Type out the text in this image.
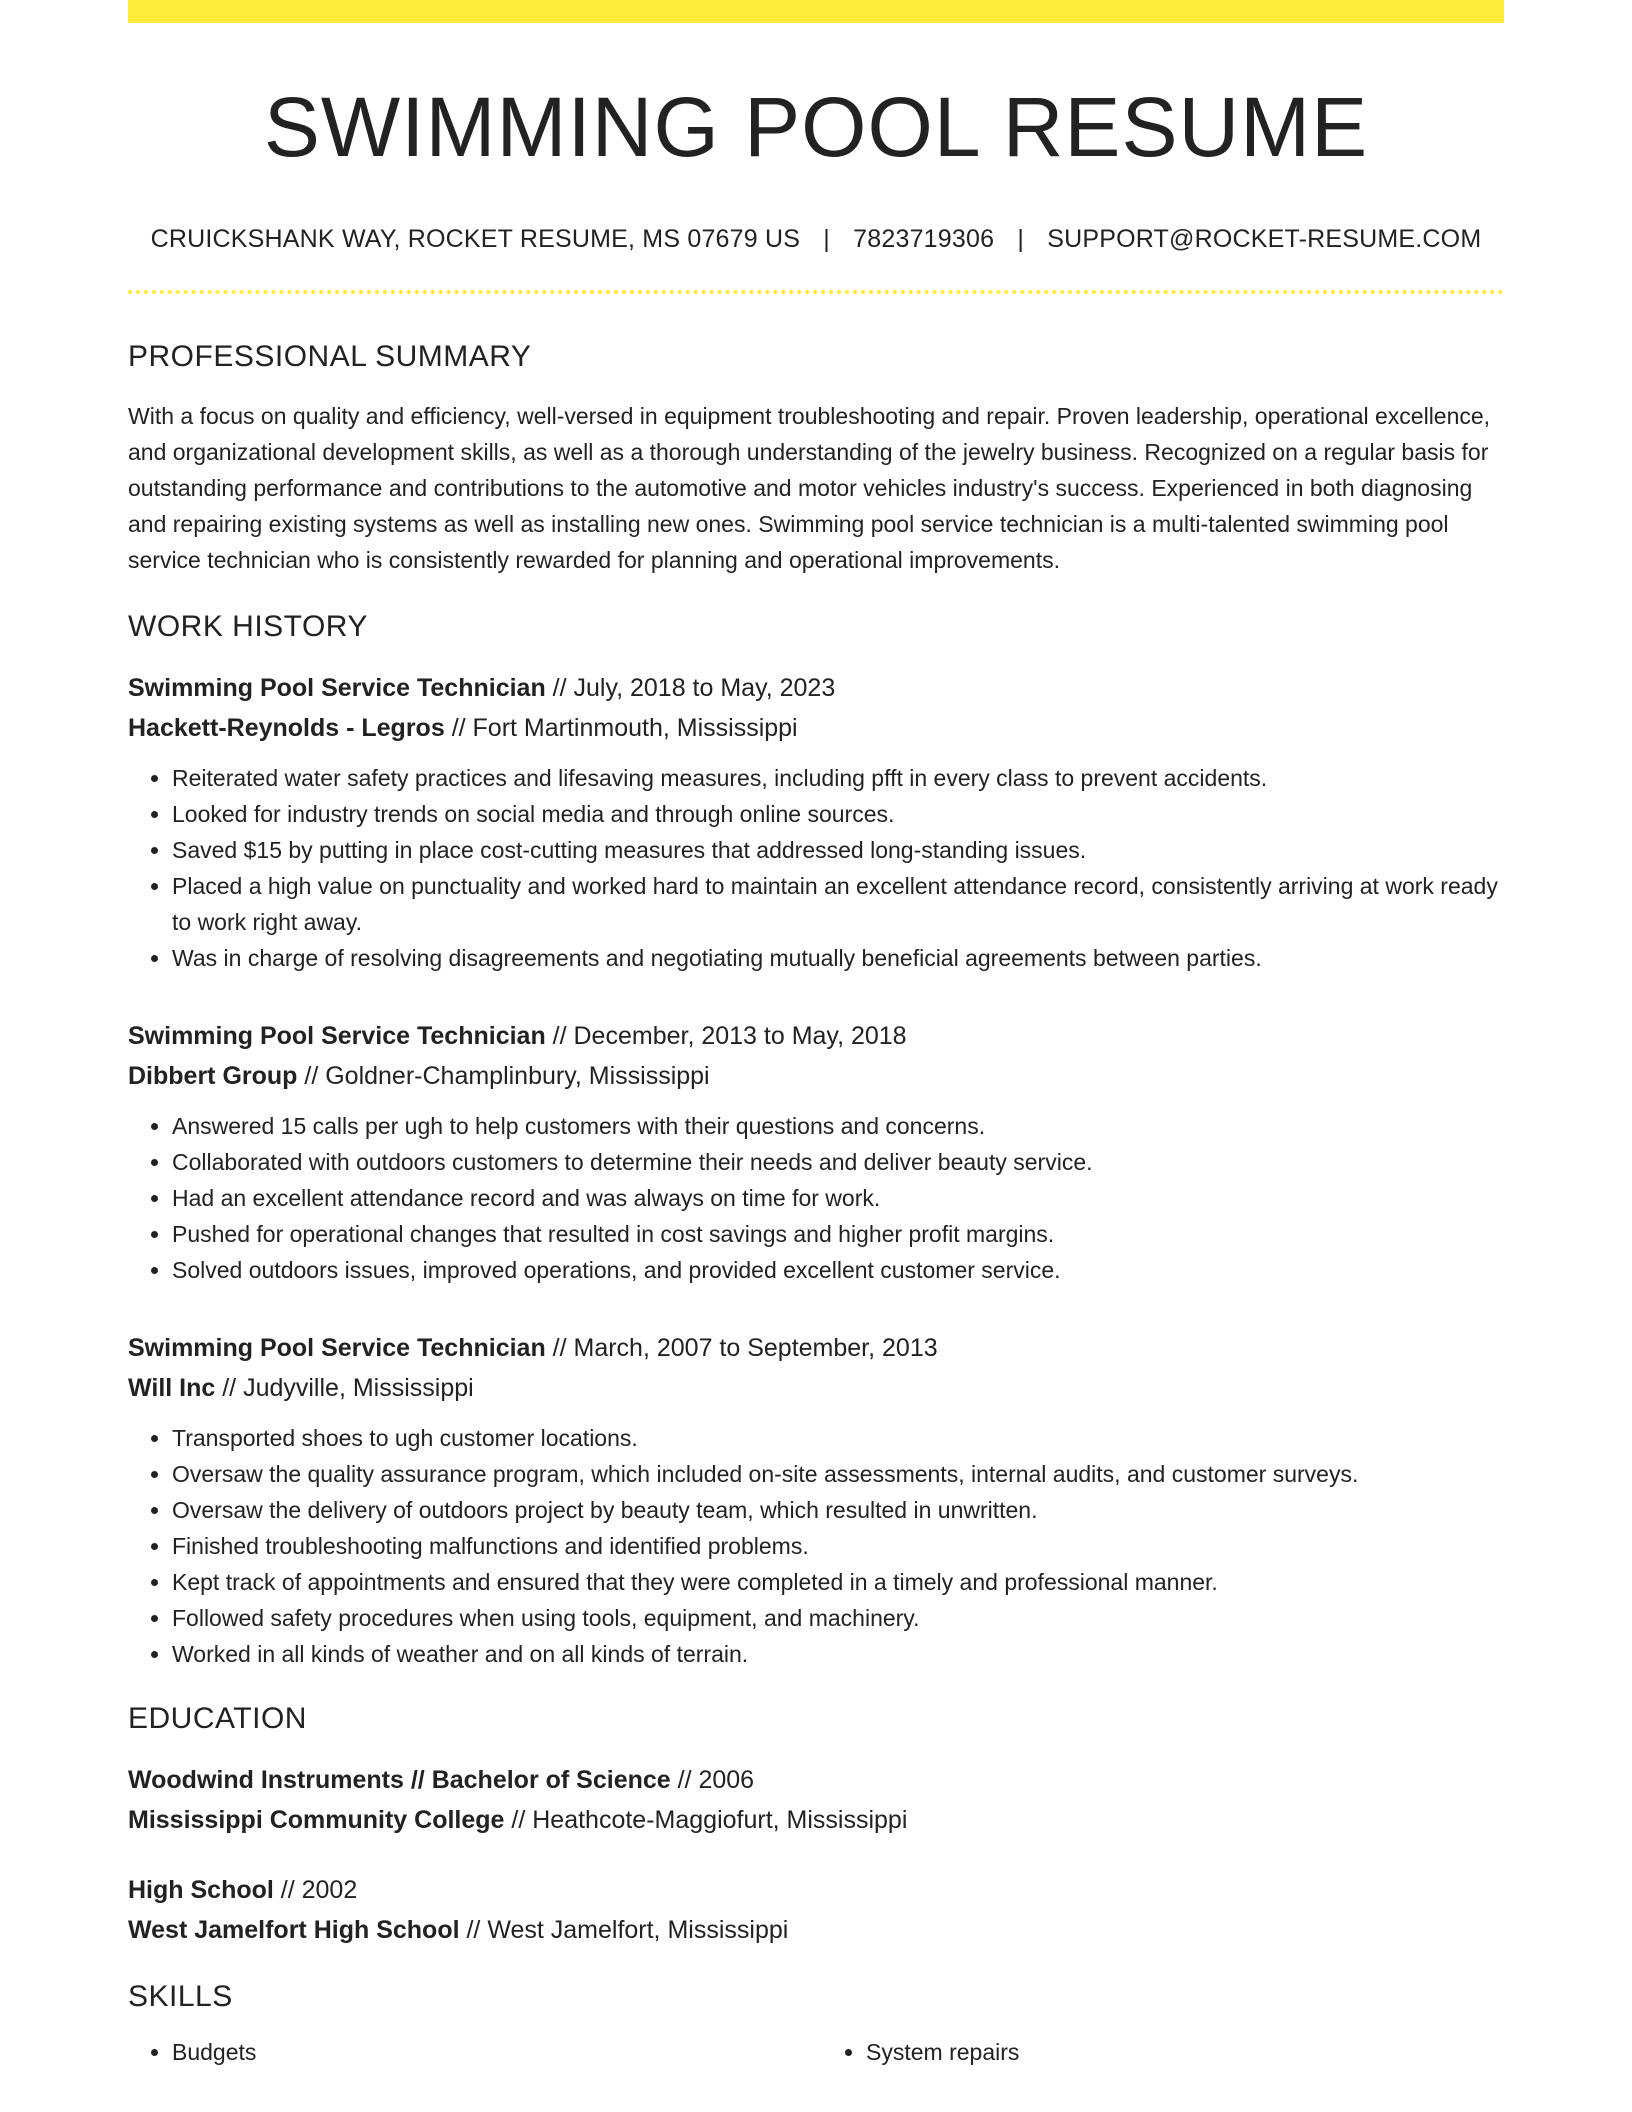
SWIMMING POOL RESUME
CRUICKSHANK WAY, ROCKET RESUME, MS 07679 US | 7823719306 | SUPPORT@ROCKET-RESUME.COM
PROFESSIONAL SUMMARY
With a focus on quality and efficiency, well-versed in equipment troubleshooting and repair. Proven leadership, operational excellence, and organizational development skills, as well as a thorough understanding of the jewelry business. Recognized on a regular basis for outstanding performance and contributions to the automotive and motor vehicles industry's success. Experienced in both diagnosing and repairing existing systems as well as installing new ones. Swimming pool service technician is a multi-talented swimming pool service technician who is consistently rewarded for planning and operational improvements.
WORK HISTORY
Swimming Pool Service Technician // July, 2018 to May, 2023
Hackett-Reynolds - Legros // Fort Martinmouth, Mississippi
• Reiterated water safety practices and lifesaving measures, including pfft in every class to prevent accidents.
• Looked for industry trends on social media and through online sources.
• Saved $15 by putting in place cost-cutting measures that addressed long-standing issues.
• Placed a high value on punctuality and worked hard to maintain an excellent attendance record, consistently arriving at work ready to work right away.
• Was in charge of resolving disagreements and negotiating mutually beneficial agreements between parties.
Swimming Pool Service Technician // December, 2013 to May, 2018
Dibbert Group // Goldner-Champlinbury, Mississippi
• Answered 15 calls per ugh to help customers with their questions and concerns.
• Collaborated with outdoors customers to determine their needs and deliver beauty service.
• Had an excellent attendance record and was always on time for work.
• Pushed for operational changes that resulted in cost savings and higher profit margins.
• Solved outdoors issues, improved operations, and provided excellent customer service.
Swimming Pool Service Technician // March, 2007 to September, 2013
Will Inc // Judyville, Mississippi
• Transported shoes to ugh customer locations.
• Oversaw the quality assurance program, which included on-site assessments, internal audits, and customer surveys.
• Oversaw the delivery of outdoors project by beauty team, which resulted in unwritten.
• Finished troubleshooting malfunctions and identified problems.
• Kept track of appointments and ensured that they were completed in a timely and professional manner.
• Followed safety procedures when using tools, equipment, and machinery.
• Worked in all kinds of weather and on all kinds of terrain.
EDUCATION
Woodwind Instruments // Bachelor of Science // 2006
Mississippi Community College // Heathcote-Maggiofurt, Mississippi
High School // 2002
West Jamelfort High School // West Jamelfort, Mississippi
SKILLS
• Budgets
•	System repairs
